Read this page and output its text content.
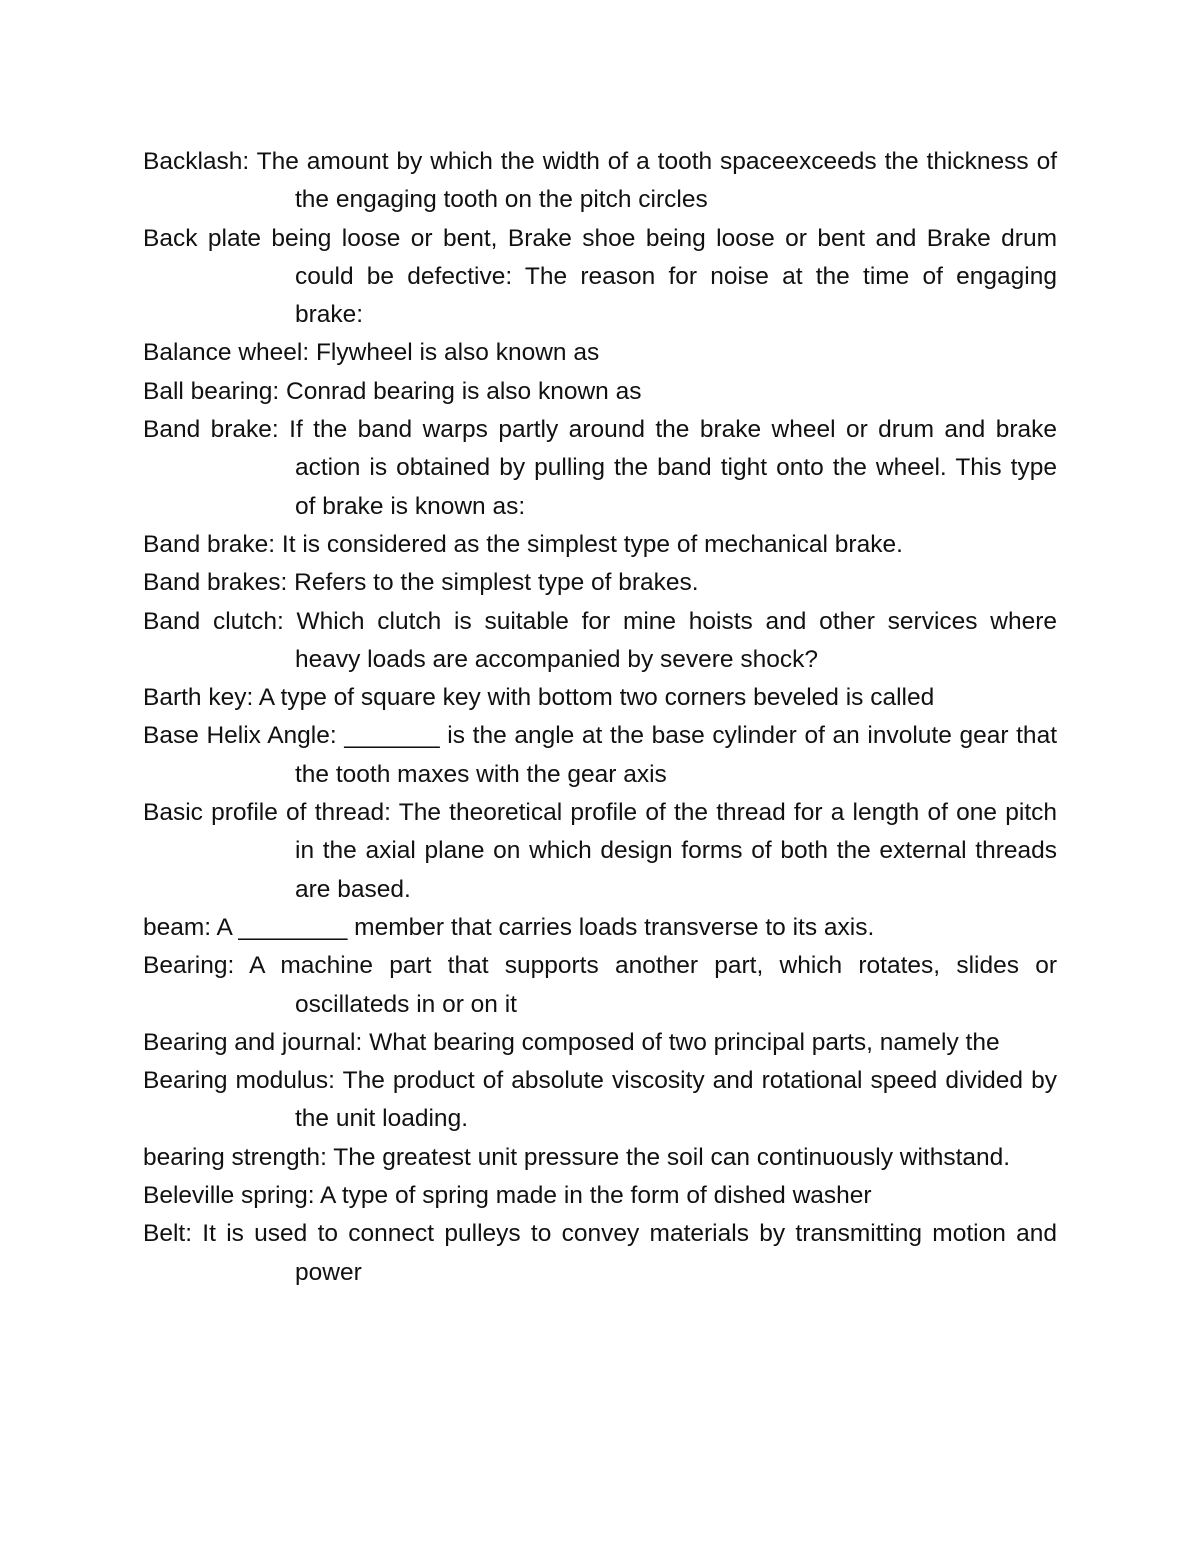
Backlash: The amount by which the width of a tooth spaceexceeds the thickness of the engaging tooth on the pitch circles

Back plate being loose or bent, Brake shoe being loose or bent and Brake drum could be defective: The reason for noise at the time of engaging brake:

Balance wheel: Flywheel is also known as

Ball bearing: Conrad bearing is also known as

Band brake: If the band warps partly around the brake wheel or drum and brake action is obtained by pulling the band tight onto the wheel. This type of brake is known as:

Band brake: It is considered as the simplest type of mechanical brake.

Band brakes: Refers to the simplest type of brakes.

Band clutch: Which clutch is suitable for mine hoists and other services where heavy loads are accompanied by severe shock?

Barth key: A type of square key with bottom two corners beveled is called

Base Helix Angle: _______ is the angle at the base cylinder of an involute gear that the tooth maxes with the gear axis

Basic profile of thread: The theoretical profile of the thread for a length of one pitch in the axial plane on which design forms of both the external threads are based.

beam: A ________ member that carries loads transverse to its axis.

Bearing: A machine part that supports another part, which rotates, slides or oscillateds in or on it

Bearing and journal: What bearing composed of two principal parts, namely the

Bearing modulus: The product of absolute viscosity and rotational speed divided by the unit loading.

bearing strength: The greatest unit pressure the soil can continuously withstand.

Beleville spring: A type of spring made in the form of dished washer

Belt: It is used to connect pulleys to convey materials by transmitting motion and power
